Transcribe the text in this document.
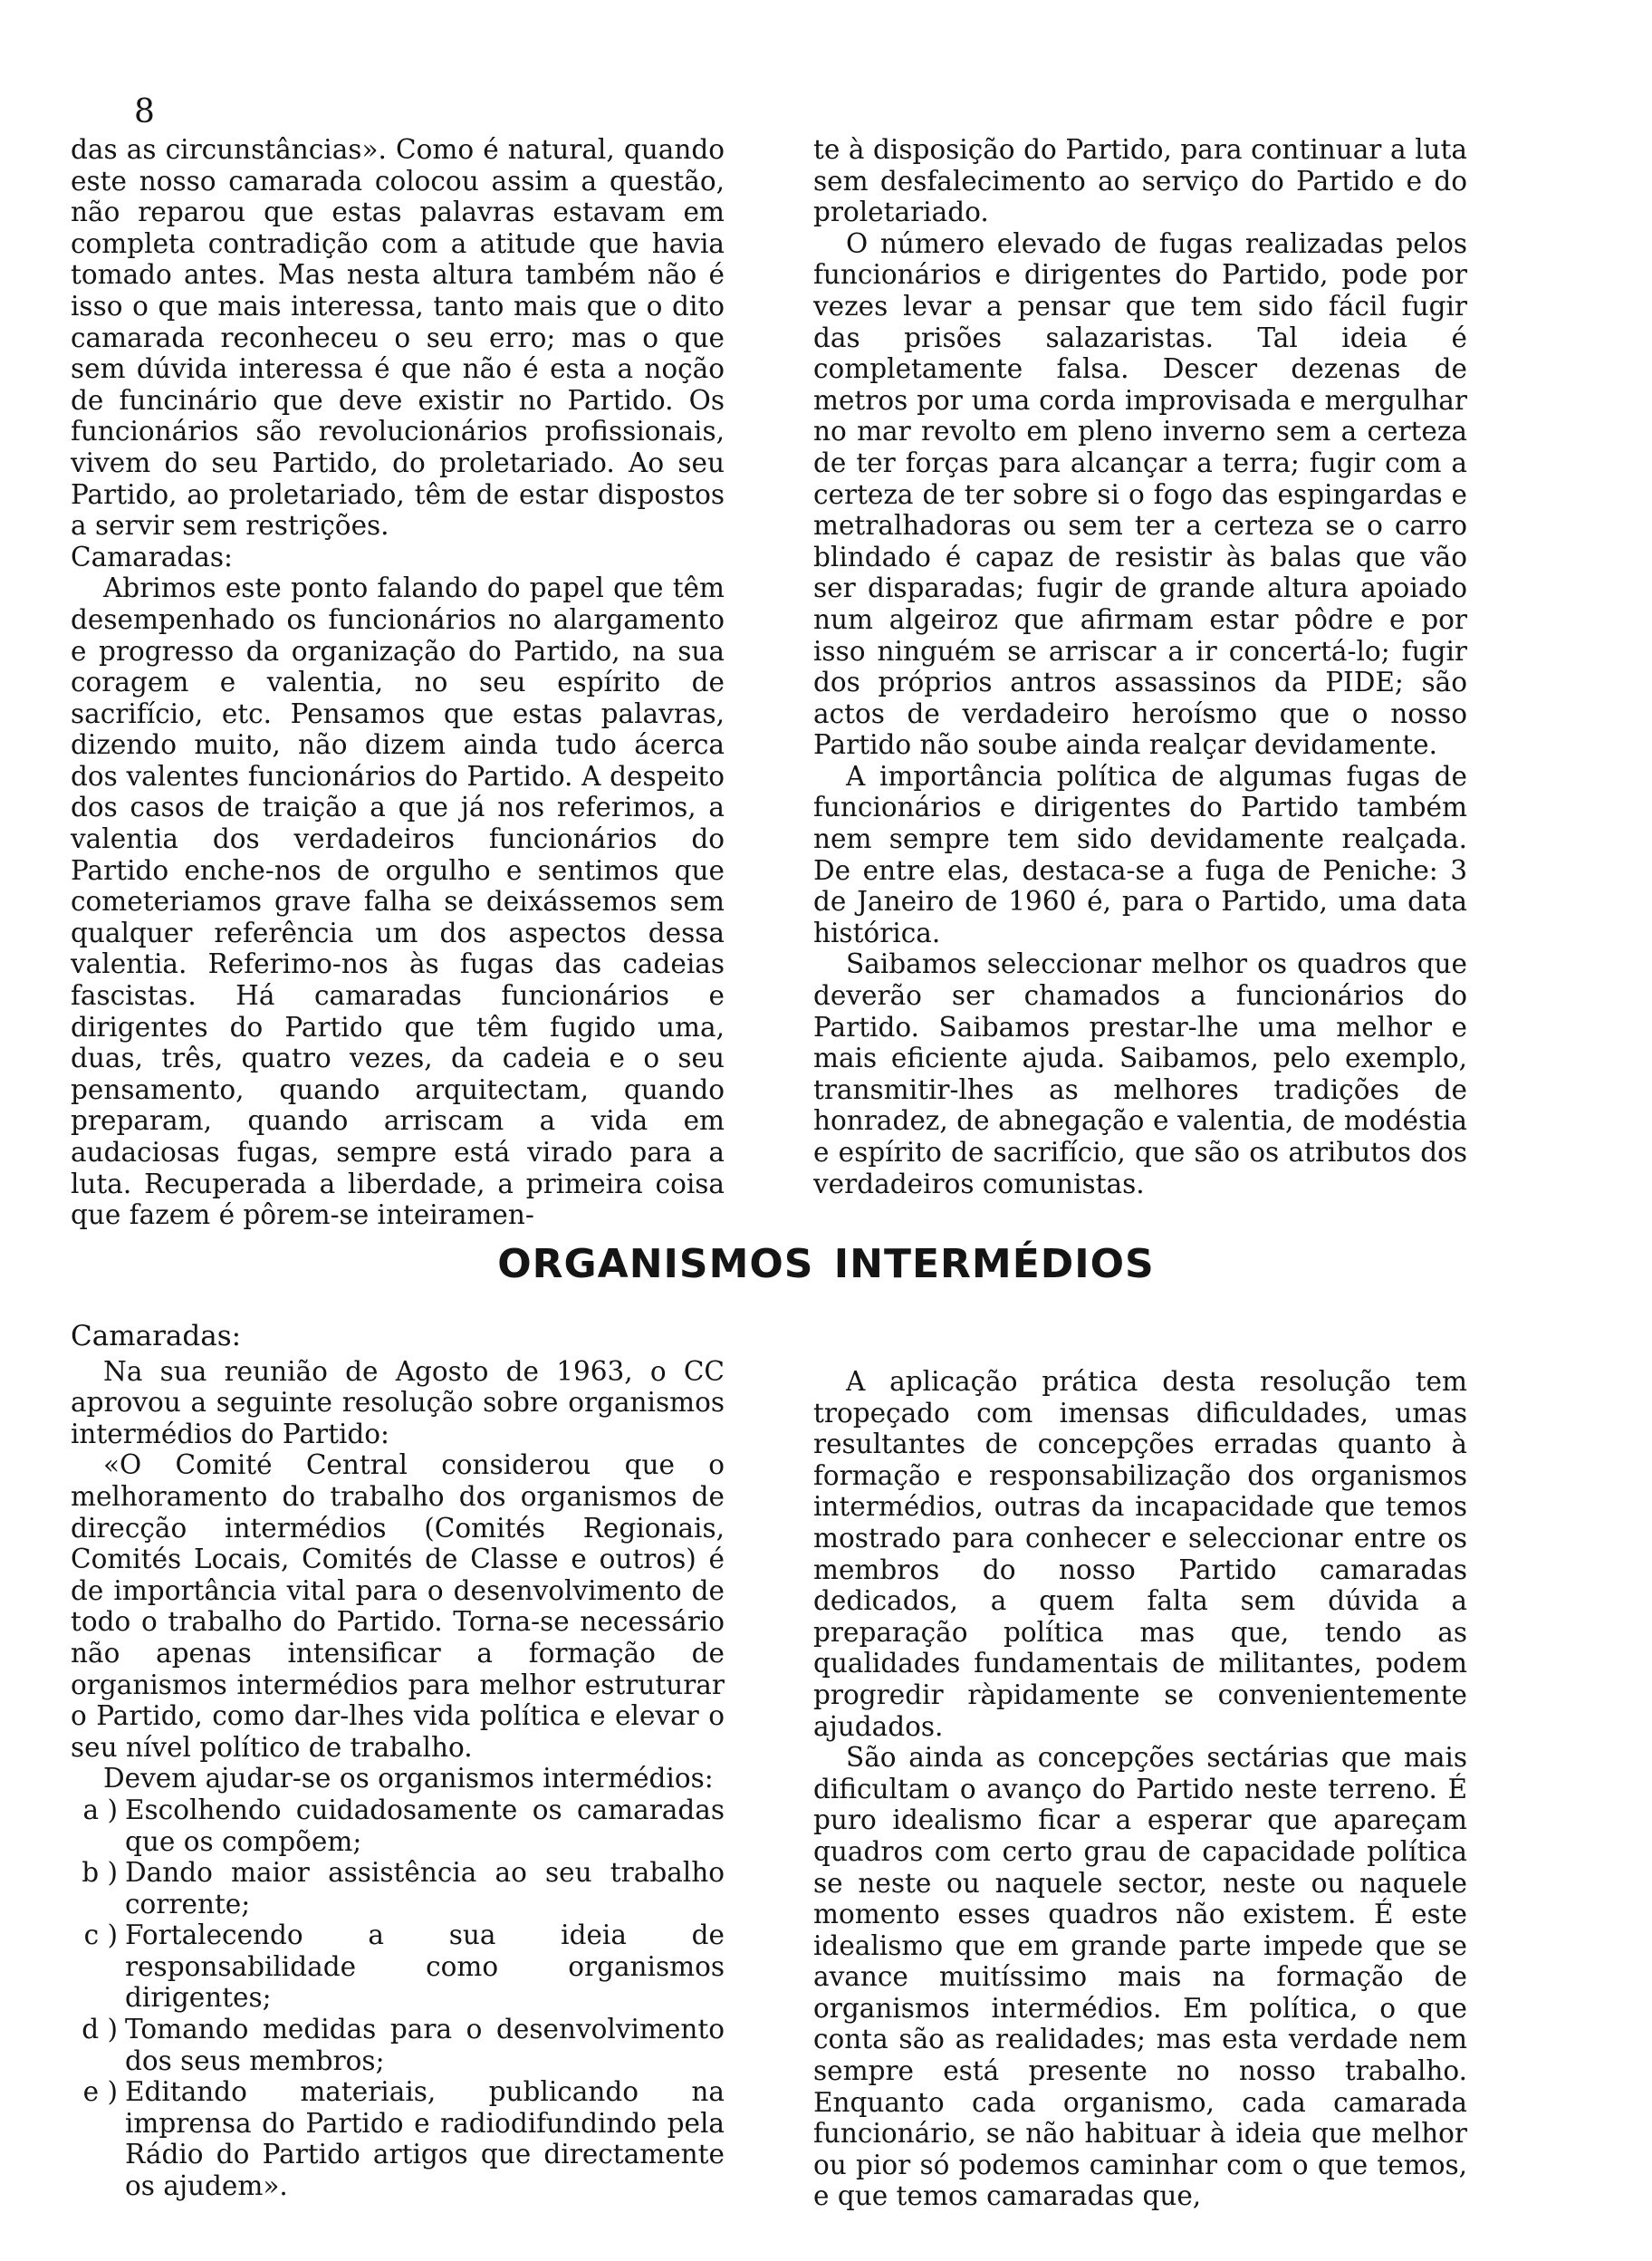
8

das as circunstâncias». Como é natural, quando este nosso camarada colocou assim a questão, não reparou que estas palavras estavam em completa contradição com a atitude que havia tomado antes. Mas nesta altura também não é isso o que mais interessa, tanto mais que o dito camarada reconheceu o seu erro; mas o que sem dúvida interessa é que não é esta a noção de funcinário que deve existir no Partido. Os funcionários são revolucionários profissionais, vivem do seu Partido, do proletariado. Ao seu Partido, ao proletariado, têm de estar dispostos a servir sem restrições.

Camaradas:

Abrimos este ponto falando do papel que têm desempenhado os funcionários no alargamento e progresso da organização do Partido, na sua coragem e valentia, no seu espírito de sacrifício, etc. Pensamos que estas palavras, dizendo muito, não dizem ainda tudo ácerca dos valentes funcionários do Partido. A despeito dos casos de traição a que já nos referimos, a valentia dos verdadeiros funcionários do Partido enche-nos de orgulho e sentimos que cometeriamos grave falha se deixássemos sem qualquer referência um dos aspectos dessa valentia. Referimo-nos às fugas das cadeias fascistas. Há camaradas funcionários e dirigentes do Partido que têm fugido uma, duas, três, quatro vezes, da cadeia e o seu pensamento, quando arquitectam, quando preparam, quando arriscam a vida em audaciosas fugas, sempre está virado para a luta. Recuperada a liberdade, a primeira coisa que fazem é pôrem-se inteiramen-

te à disposição do Partido, para continuar a luta sem desfalecimento ao serviço do Partido e do proletariado.

O número elevado de fugas realizadas pelos funcionários e dirigentes do Partido, pode por vezes levar a pensar que tem sido fácil fugir das prisões salazaristas. Tal ideia é completamente falsa. Descer dezenas de metros por uma corda improvisada e mergulhar no mar revolto em pleno inverno sem a certeza de ter forças para alcançar a terra; fugir com a certeza de ter sobre si o fogo das espingardas e metralhadoras ou sem ter a certeza se o carro blindado é capaz de resistir às balas que vão ser disparadas; fugir de grande altura apoiado num algeiroz que afirmam estar pôdre e por isso ninguém se arriscar a ir concertá-lo; fugir dos próprios antros assassinos da PIDE; são actos de verdadeiro heroísmo que o nosso Partido não soube ainda realçar devidamente.

A importância política de algumas fugas de funcionários e dirigentes do Partido também nem sempre tem sido devidamente realçada. De entre elas, destaca-se a fuga de Peniche: 3 de Janeiro de 1960 é, para o Partido, uma data histórica.

Saibamos seleccionar melhor os quadros que deverão ser chamados a funcionários do Partido. Saibamos prestar-lhe uma melhor e mais eficiente ajuda. Saibamos, pelo exemplo, transmitir-lhes as melhores tradições de honradez, de abnegação e valentia, de modéstia e espírito de sacrifício, que são os atributos dos verdadeiros comunistas.

ORGANISMOS INTERMÉDIOS

Camaradas:

Na sua reunião de Agosto de 1963, o CC aprovou a seguinte resolução sobre organismos intermédios do Partido:

«O Comité Central considerou que o melhoramento do trabalho dos organismos de direcção intermédios (Comités Regionais, Comités Locais, Comités de Classe e outros) é de importância vital para o desenvolvimento de todo o trabalho do Partido. Torna-se necessário não apenas intensificar a formação de organismos intermédios para melhor estruturar o Partido, como dar-lhes vida política e elevar o seu nível político de trabalho.

Devem ajudar-se os organismos intermédios:

a ) Escolhendo cuidadosamente os camaradas que os compõem;
b ) Dando maior assistência ao seu trabalho corrente;
c ) Fortalecendo a sua ideia de responsabilidade como organismos dirigentes;
d ) Tomando medidas para o desenvolvimento dos seus membros;
e ) Editando materiais, publicando na imprensa do Partido e radiodifundindo pela Rádio do Partido artigos que directamente os ajudem».

A aplicação prática desta resolução tem tropeçado com imensas dificuldades, umas resultantes de concepções erradas quanto à formação e responsabilização dos organismos intermédios, outras da incapacidade que temos mostrado para conhecer e seleccionar entre os membros do nosso Partido camaradas dedicados, a quem falta sem dúvida a preparação política mas que, tendo as qualidades fundamentais de militantes, podem progredir ràpidamente se convenientemente ajudados.

São ainda as concepções sectárias que mais dificultam o avanço do Partido neste terreno. É puro idealismo ficar a esperar que apareçam quadros com certo grau de capacidade política se neste ou naquele sector, neste ou naquele momento esses quadros não existem. É este idealismo que em grande parte impede que se avance muitíssimo mais na formação de organismos intermédios. Em política, o que conta são as realidades; mas esta verdade nem sempre está presente no nosso trabalho. Enquanto cada organismo, cada camarada funcionário, se não habituar à ideia que melhor ou pior só podemos caminhar com o que temos, e que temos camaradas que,
